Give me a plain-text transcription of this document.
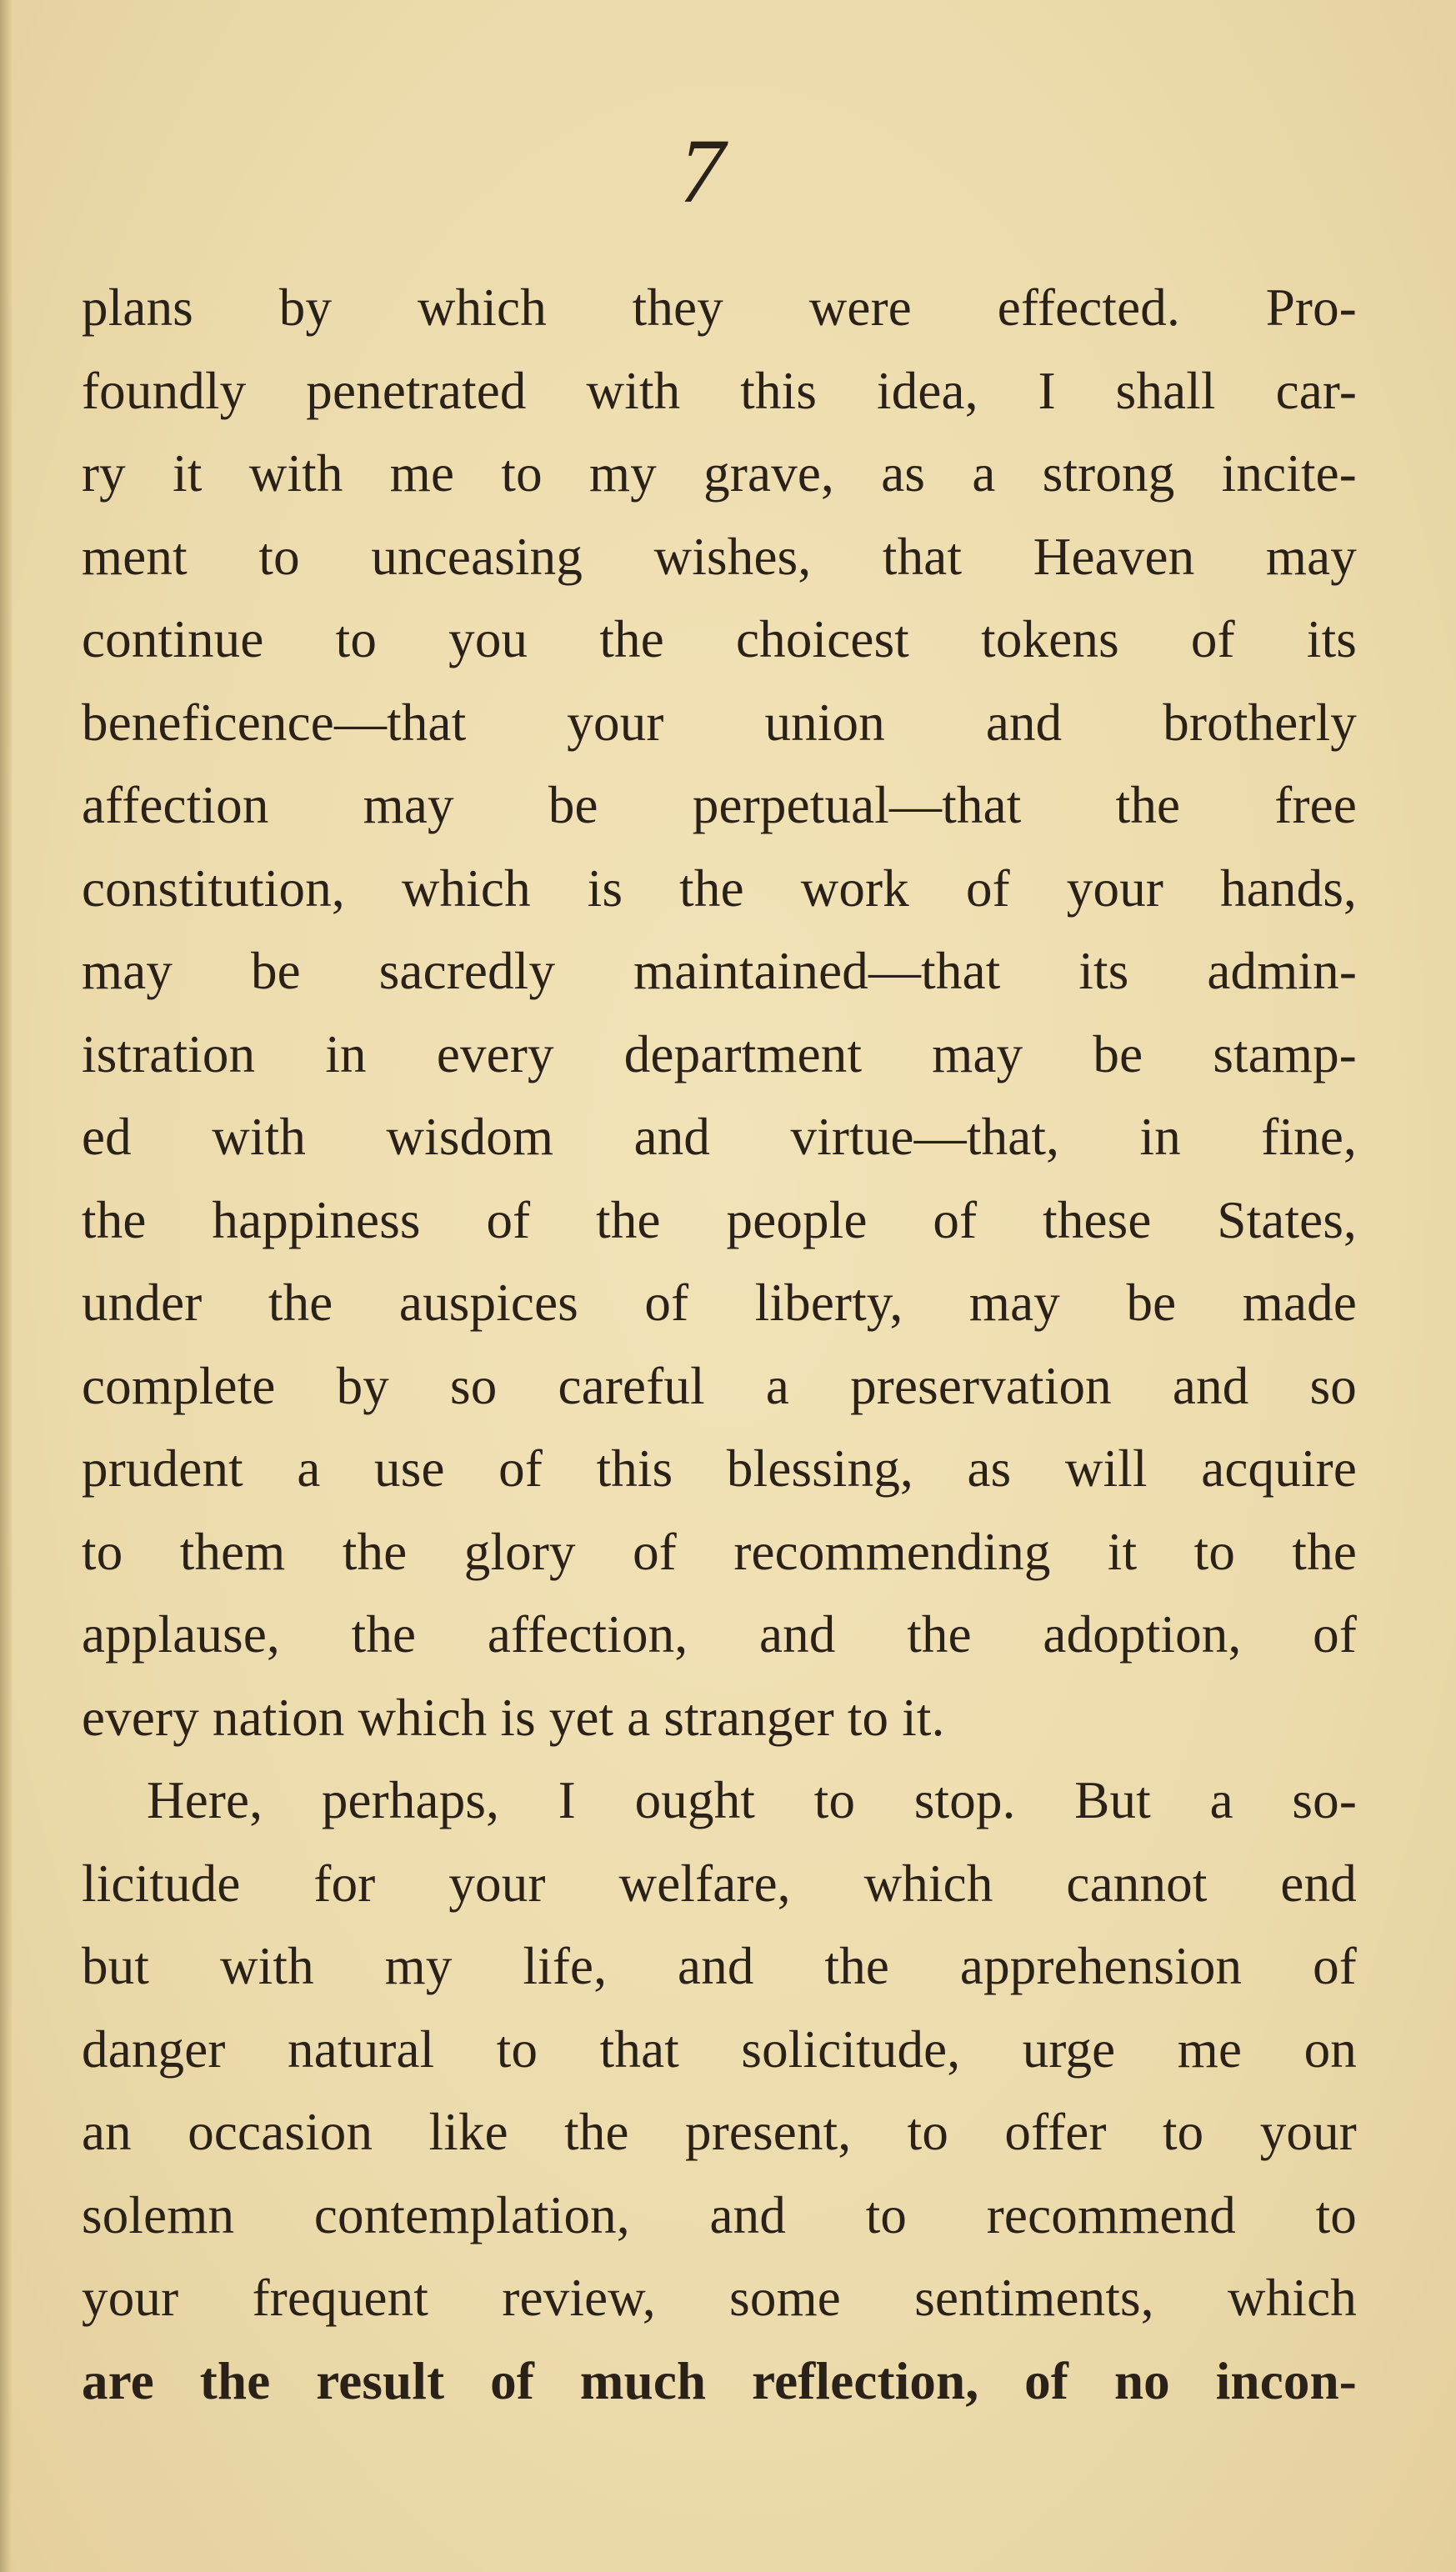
7
plans by which they were effected. Pro-
foundly penetrated with this idea, I shall car-
ry it with me to my grave, as a strong incite-
ment to unceasing wishes, that Heaven may
continue to you the choicest tokens of its
beneficence—that your union and brotherly
affection may be perpetual—that the free
constitution, which is the work of your hands,
may be sacredly maintained—that its admin-
istration in every department may be stamp-
ed with wisdom and virtue—that, in fine,
the happiness of the people of these States,
under the auspices of liberty, may be made
complete by so careful a preservation and so
prudent a use of this blessing, as will acquire
to them the glory of recommending it to the
applause, the affection, and the adoption, of
every nation which is yet a stranger to it.
Here, perhaps, I ought to stop. But a so-
licitude for your welfare, which cannot end
but with my life, and the apprehension of
danger natural to that solicitude, urge me on
an occasion like the present, to offer to your
solemn contemplation, and to recommend to
your frequent review, some sentiments, which
are the result of much reflection, of no incon-
